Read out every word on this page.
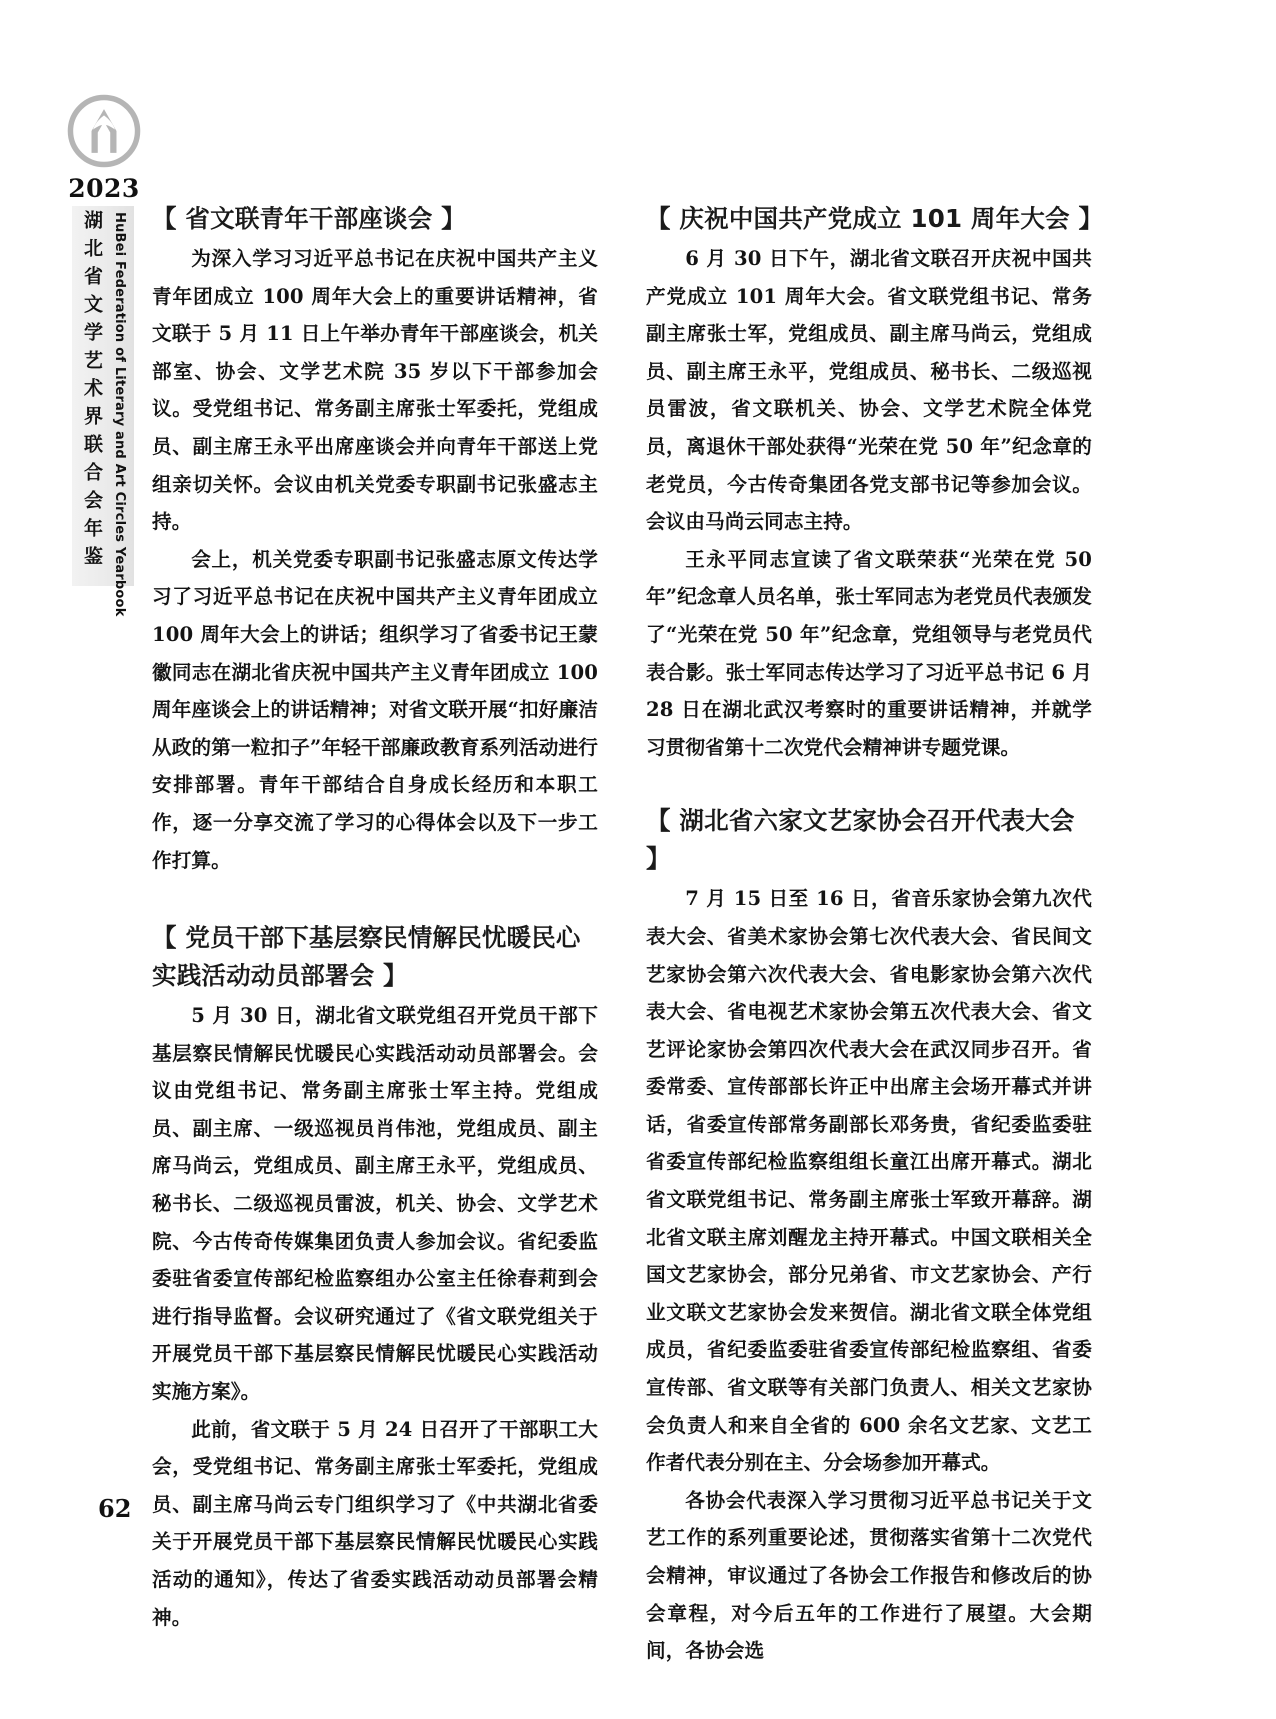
2023
湖北省文学艺术界联合会年鉴 HuBei Federation of Literary and Art Circles Yearbook
62
【 省文联青年干部座谈会 】

为深入学习习近平总书记在庆祝中国共产主义青年团成立 100 周年大会上的重要讲话精神，省文联于 5 月 11 日上午举办青年干部座谈会，机关部室、协会、文学艺术院 35 岁以下干部参加会议。受党组书记、常务副主席张士军委托，党组成员、副主席王永平出席座谈会并向青年干部送上党组亲切关怀。会议由机关党委专职副书记张盛志主持。

会上，机关党委专职副书记张盛志原文传达学习了习近平总书记在庆祝中国共产主义青年团成立 100 周年大会上的讲话；组织学习了省委书记王蒙徽同志在湖北省庆祝中国共产主义青年团成立 100 周年座谈会上的讲话精神；对省文联开展“扣好廉洁从政的第一粒扣子”年轻干部廉政教育系列活动进行安排部署。青年干部结合自身成长经历和本职工作，逐一分享交流了学习的心得体会以及下一步工作打算。

【 党员干部下基层察民情解民忧暖民心实践活动动员部署会 】

5 月 30 日，湖北省文联党组召开党员干部下基层察民情解民忧暖民心实践活动动员部署会。会议由党组书记、常务副主席张士军主持。党组成员、副主席、一级巡视员肖伟池，党组成员、副主席马尚云，党组成员、副主席王永平，党组成员、秘书长、二级巡视员雷波，机关、协会、文学艺术院、今古传奇传媒集团负责人参加会议。省纪委监委驻省委宣传部纪检监察组办公室主任徐春莉到会进行指导监督。会议研究通过了《省文联党组关于开展党员干部下基层察民情解民忧暖民心实践活动实施方案》。

此前，省文联于 5 月 24 日召开了干部职工大会，受党组书记、常务副主席张士军委托，党组成员、副主席马尚云专门组织学习了《中共湖北省委关于开展党员干部下基层察民情解民忧暖民心实践活动的通知》，传达了省委实践活动动员部署会精神。

【 庆祝中国共产党成立 101 周年大会 】

6 月 30 日下午，湖北省文联召开庆祝中国共产党成立 101 周年大会。省文联党组书记、常务副主席张士军，党组成员、副主席马尚云，党组成员、副主席王永平，党组成员、秘书长、二级巡视员雷波，省文联机关、协会、文学艺术院全体党员，离退休干部处获得“光荣在党 50 年”纪念章的老党员，今古传奇集团各党支部书记等参加会议。会议由马尚云同志主持。

王永平同志宣读了省文联荣获“光荣在党 50 年”纪念章人员名单，张士军同志为老党员代表颁发了“光荣在党 50 年”纪念章，党组领导与老党员代表合影。张士军同志传达学习了习近平总书记 6 月 28 日在湖北武汉考察时的重要讲话精神，并就学习贯彻省第十二次党代会精神讲专题党课。

【 湖北省六家文艺家协会召开代表大会 】

7 月 15 日至 16 日，省音乐家协会第九次代表大会、省美术家协会第七次代表大会、省民间文艺家协会第六次代表大会、省电影家协会第六次代表大会、省电视艺术家协会第五次代表大会、省文艺评论家协会第四次代表大会在武汉同步召开。省委常委、宣传部部长许正中出席主会场开幕式并讲话，省委宣传部常务副部长邓务贵，省纪委监委驻省委宣传部纪检监察组组长童江出席开幕式。湖北省文联党组书记、常务副主席张士军致开幕辞。湖北省文联主席刘醒龙主持开幕式。中国文联相关全国文艺家协会，部分兄弟省、市文艺家协会、产行业文联文艺家协会发来贺信。湖北省文联全体党组成员，省纪委监委驻省委宣传部纪检监察组、省委宣传部、省文联等有关部门负责人、相关文艺家协会负责人和来自全省的 600 余名文艺家、文艺工作者代表分别在主、分会场参加开幕式。

各协会代表深入学习贯彻习近平总书记关于文艺工作的系列重要论述，贯彻落实省第十二次党代会精神，审议通过了各协会工作报告和修改后的协会章程，对今后五年的工作进行了展望。大会期间，各协会选
